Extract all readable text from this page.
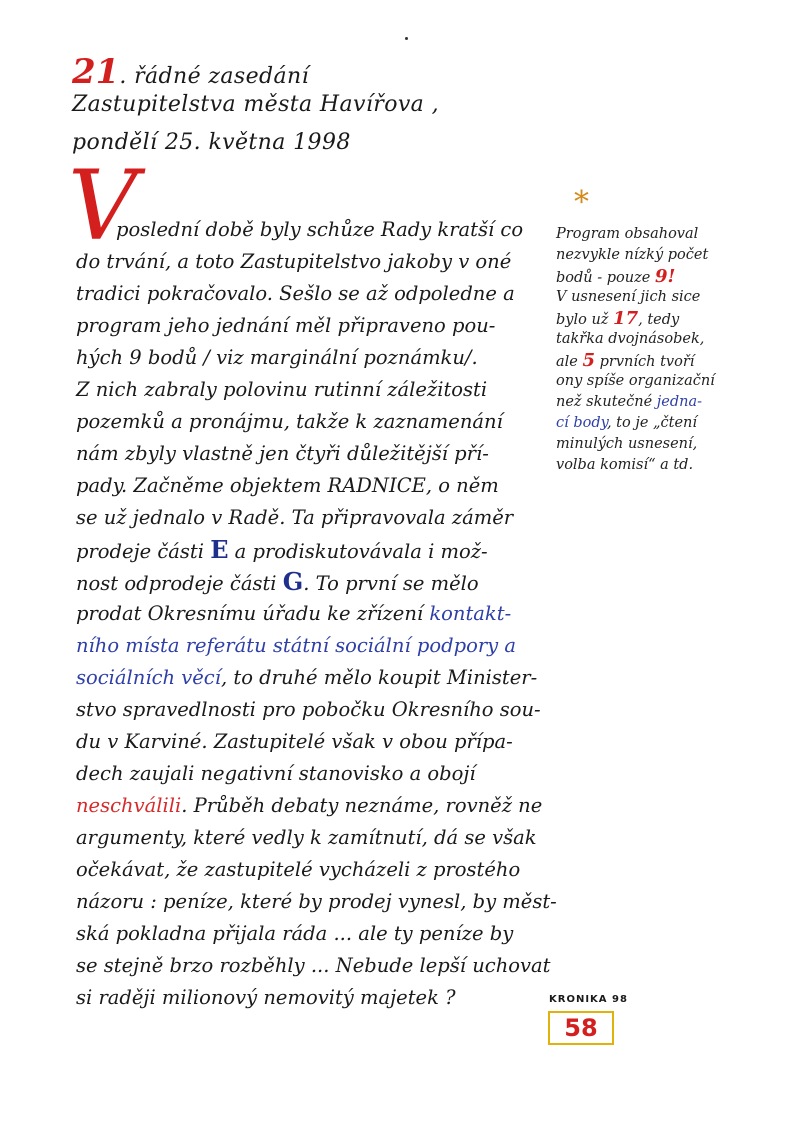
21. řádné zasedání
Zastupitelstva města Havířova ,
pondělí 25. května 1998
V
poslední době byly schůze Rady kratší co
do trvání, a toto Zastupitelstvo jakoby v oné
tradici pokračovalo. Sešlo se až odpoledne a
program jeho jednání měl připraveno pou-
hých 9 bodů / viz marginální poznámku/.
Z nich zabraly polovinu rutinní záležitosti
pozemků a pronájmu, takže k zaznamenání
nám zbyly vlastně jen čtyři důležitější pří-
pady. Začněme objektem RADNICE, o něm
se už jednalo v Radě. Ta připravovala záměr
prodeje části E a prodiskutovávala i mož-
nost odprodeje části G. To první se mělo
prodat Okresnímu úřadu ke zřízení kontakt-
ního místa referátu státní sociální podpory a
sociálních věcí, to druhé mělo koupit Minister-
stvo spravedlnosti pro pobočku Okresního sou-
du v Karviné. Zastupitelé však v obou přípa-
dech zaujali negativní stanovisko a obojí
neschválili. Průběh debaty neznáme, rovněž ne
argumenty, které vedly k zamítnutí, dá se však
očekávat, že zastupitelé vycházeli z prostého
názoru : peníze, které by prodej vynesl, by měst-
ská pokladna přijala ráda ... ale ty peníze by
se stejně brzo rozběhly ... Nebude lepší uchovat
si raději milionový nemovitý majetek ?
*
Program obsahoval
nezvykle nízký počet
bodů - pouze 9!
V usnesení jich sice
bylo už 17, tedy
takřka dvojnásobek,
ale 5 prvních tvoří
ony spíše organizační
než skutečné jedna-
cí body, to je „čtení
minulých usnesení,
volba komisí“ a td.
KRONIKA 98
58
